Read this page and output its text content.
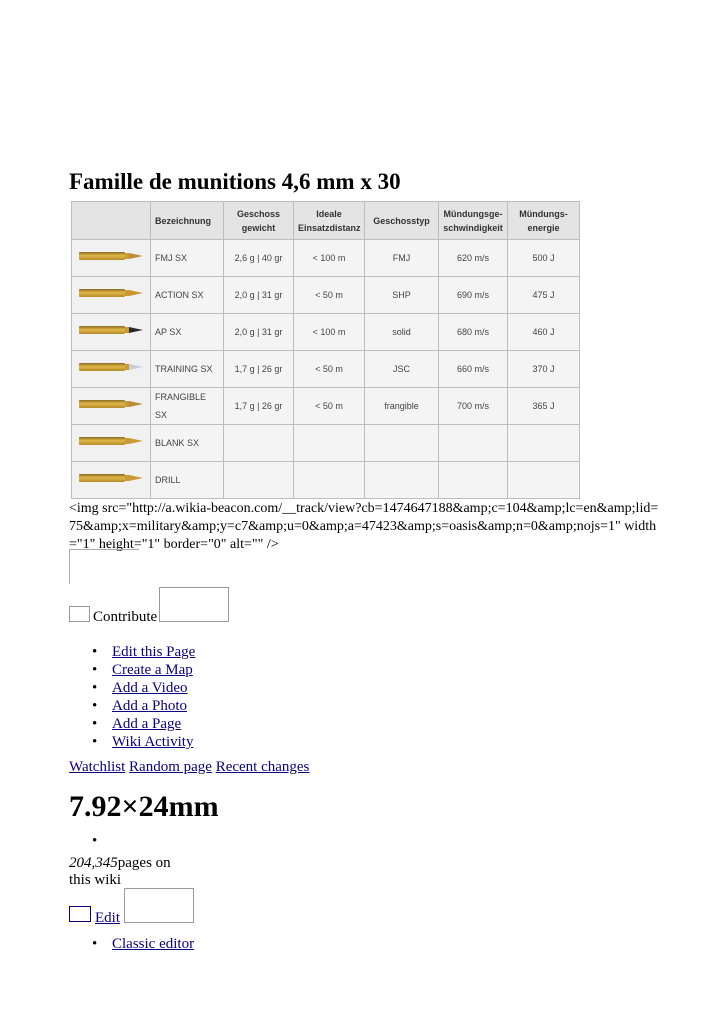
Famille de munitions 4,6 mm x 30
	Bezeichnung	Geschoss gewicht	Ideale Einsatzdistanz	Geschosstyp	Mündungsge- schwindigkeit	Mündungs- energie

	FMJ SX	2,6 g | 40 gr	< 100 m	FMJ	620 m/s	500 J

	ACTION SX	2,0 g | 31 gr	< 50 m	SHP	690 m/s	475 J

	AP SX	2,0 g | 31 gr	< 100 m	solid	680 m/s	460 J

	TRAINING SX	1,7 g | 26 gr	< 50 m	JSC	660 m/s	370 J

	FRANGIBLE SX	1,7 g | 26 gr	< 50 m	frangible	700 m/s	365 J

	BLANK SX					

	DRILL					
<img src="http://a.wikia-beacon.com/__track/view?cb=1474647188&amp;c=104&amp;lc=en&amp;lid=75&amp;x=military&amp;y=c7&amp;u=0&amp;a=47423&amp;s=oasis&amp;n=0&amp;nojs=1" width="1" height="1" border="0" alt="" />
Contribute
• Edit this Page
• Create a Map
• Add a Video
• Add a Photo
• Add a Page
• Wiki Activity
Watchlist Random page Recent changes
7.92×24mm
•
204,345pages on this wiki
Edit
• Classic editor
